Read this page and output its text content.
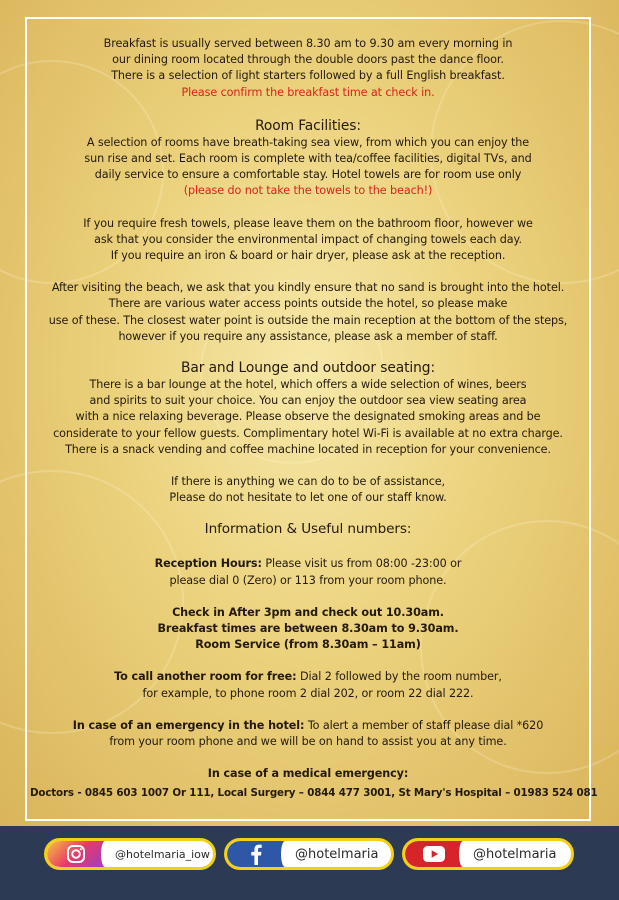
Breakfast is usually served between 8.30 am to 9.30 am every morning in

our dining room located through the double doors past the dance floor.

There is a selection of light starters followed by a full English breakfast.

Please confirm the breakfast time at check in.

Room Facilities:

A selection of rooms have breath-taking sea view, from which you can enjoy the

sun rise and set. Each room is complete with tea/coffee facilities, digital TVs, and

daily service to ensure a comfortable stay. Hotel towels are for room use only

(please do not take the towels to the beach!)

If you require fresh towels, please leave them on the bathroom floor, however we

ask that you consider the environmental impact of changing towels each day.

If you require an iron & board or hair dryer, please ask at the reception.

After visiting the beach, we ask that you kindly ensure that no sand is brought into the hotel.

There are various water access points outside the hotel, so please make

use of these. The closest water point is outside the main reception at the bottom of the steps,

however if you require any assistance, please ask a member of staff.

Bar and Lounge and outdoor seating:

There is a bar lounge at the hotel, which offers a wide selection of wines, beers

and spirits to suit your choice. You can enjoy the outdoor sea view seating area

with a nice relaxing beverage. Please observe the designated smoking areas and be

considerate to your fellow guests. Complimentary hotel Wi-Fi is available at no extra charge.

There is a snack vending and coffee machine located in reception for your convenience.

If there is anything we can do to be of assistance,

Please do not hesitate to let one of our staff know.

Information & Useful numbers:

Reception Hours: Please visit us from 08:00 -23:00 or

please dial 0 (Zero) or 113 from your room phone.

Check in After 3pm and check out 10.30am.

Breakfast times are between 8.30am to 9.30am.

Room Service (from 8.30am – 11am)

To call another room for free: Dial 2 followed by the room number,

for example, to phone room 2 dial 202, or room 22 dial 222.

In case of an emergency in the hotel: To alert a member of staff please dial *620

from your room phone and we will be on hand to assist you at any time.

In case of a medical emergency:

Doctors - 0845 603 1007 Or 111, Local Surgery – 0844 477 3001, St Mary's Hospital – 01983 524 081

@hotelmaria_iow	@hotelmaria	@hotelmaria
